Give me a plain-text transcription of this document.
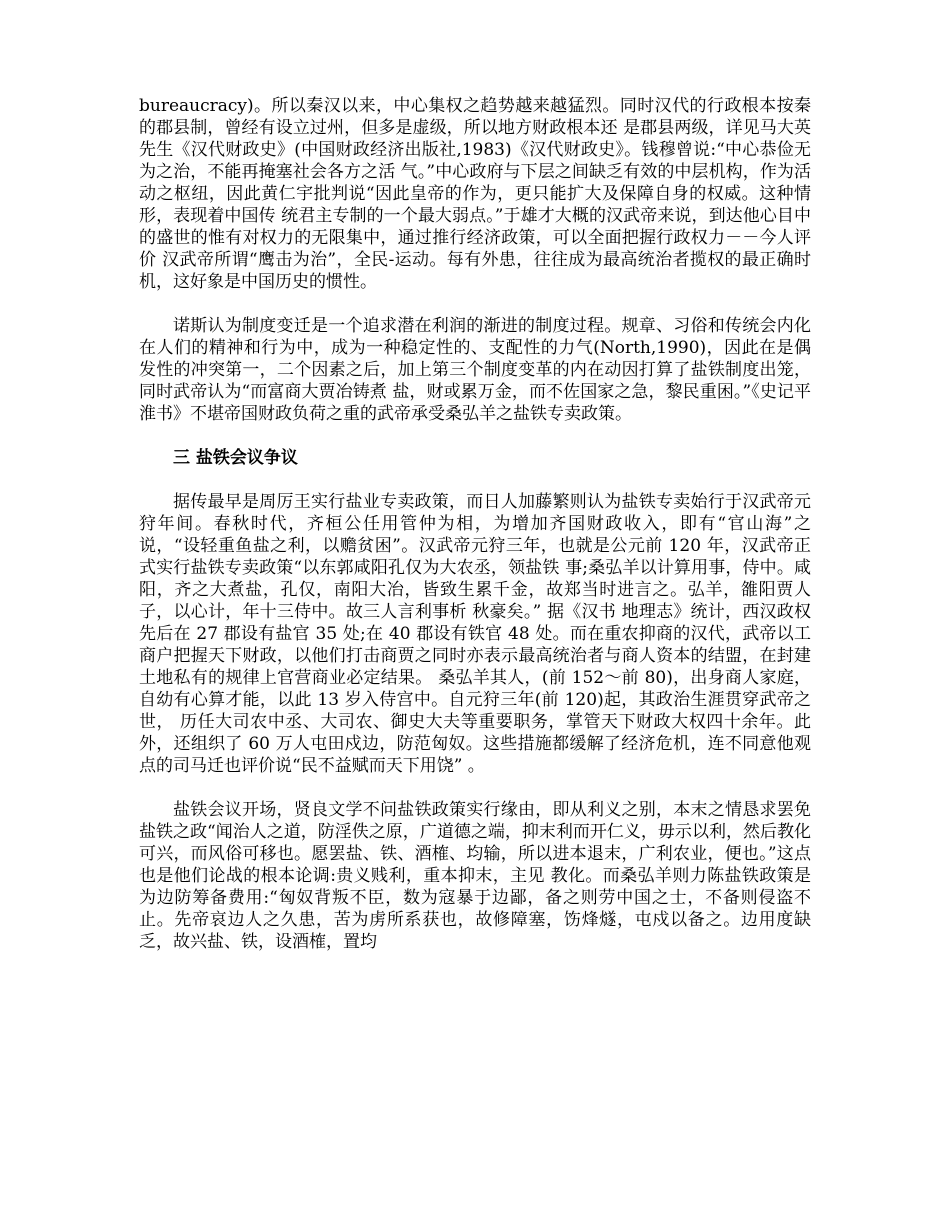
bureaucracy)。所以秦汉以来，中心集权之趋势越来越猛烈。同时汉代的行政根本按秦的郡县制，曾经有设立过州，但多是虚级，所以地方财政根本还 是郡县两级，详见马大英先生《汉代财政史》(中国财政经济出版社,1983)《汉代财政史》。钱穆曾说:“中心恭俭无为之治，不能再掩塞社会各方之活 气。”中心政府与下层之间缺乏有效的中层机构，作为活动之枢纽，因此黄仁宇批判说“因此皇帝的作为，更只能扩大及保障自身的权威。这种情形，表现着中国传 统君主专制的一个最大弱点。”于雄才大概的汉武帝来说，到达他心目中的盛世的惟有对权力的无限集中，通过推行经济政策，可以全面把握行政权力－－今人评价 汉武帝所谓“鹰击为治”，全民-运动。每有外患，往往成为最高统治者揽权的最正确时机，这好象是中国历史的惯性。

诺斯认为制度变迁是一个追求潜在利润的渐进的制度过程。规章、习俗和传统会内化在人们的精神和行为中，成为一种稳定性的、支配性的力气(North,1990)，因此在是偶发性的冲突第一，二个因素之后，加上第三个制度变革的内在动因打算了盐铁制度出笼，同时武帝认为“而富商大贾冶铸煮 盐，财或累万金，而不佐国家之急，黎民重困。”《史记平淮书》不堪帝国财政负荷之重的武帝承受桑弘羊之盐铁专卖政策。

三 盐铁会议争议

据传最早是周厉王实行盐业专卖政策，而日人加藤繁则认为盐铁专卖始行于汉武帝元狩年间。春秋时代，齐桓公任用管仲为相，为增加齐国财政收入，即有“官山海”之说，“设轻重鱼盐之利，以赡贫困”。汉武帝元狩三年，也就是公元前 120 年，汉武帝正式实行盐铁专卖政策“以东郭咸阳孔仅为大农丞，领盐铁 事;桑弘羊以计算用事，侍中。咸阳，齐之大煮盐，孔仅，南阳大冶，皆致生累千金，故郑当时进言之。弘羊，雒阳贾人子，以心计，年十三侍中。故三人言利事析 秋豪矣。” 据《汉书 地理志》统计，西汉政权先后在 27 郡设有盐官 35 处;在 40 郡设有铁官 48 处。而在重农抑商的汉代，武帝以工商户把握天下财政，以他们打击商贾之同时亦表示最高统治者与商人资本的结盟，在封建土地私有的规律上官营商业必定结果。 桑弘羊其人，(前 152～前 80)，出身商人家庭，自幼有心算才能，以此 13 岁入侍宫中。自元狩三年(前 120)起，其政治生涯贯穿武帝之世， 历任大司农中丞、大司农、御史大夫等重要职务，掌管天下财政大权四十余年。此外，还组织了 60 万人屯田戍边，防范匈奴。这些措施都缓解了经济危机，连不同意他观点的司马迁也评价说“民不益赋而天下用饶” 。

盐铁会议开场，贤良文学不问盐铁政策实行缘由，即从利义之别，本末之情恳求罢免盐铁之政“闻治人之道，防淫佚之原，广道德之端，抑末利而开仁义，毋示以利，然后教化可兴，而风俗可移也。愿罢盐、铁、酒榷、均输，所以进本退末，广利农业，便也。”这点也是他们论战的根本论调:贵义贱利，重本抑末，主见 教化。而桑弘羊则力陈盐铁政策是为边防筹备费用:“匈奴背叛不臣，数为寇暴于边鄙，备之则劳中国之士，不备则侵盗不止。先帝哀边人之久患，苦为虏所系获也，故修障塞，饬烽燧，屯戍以备之。边用度缺乏，故兴盐、铁，设酒榷，置均
